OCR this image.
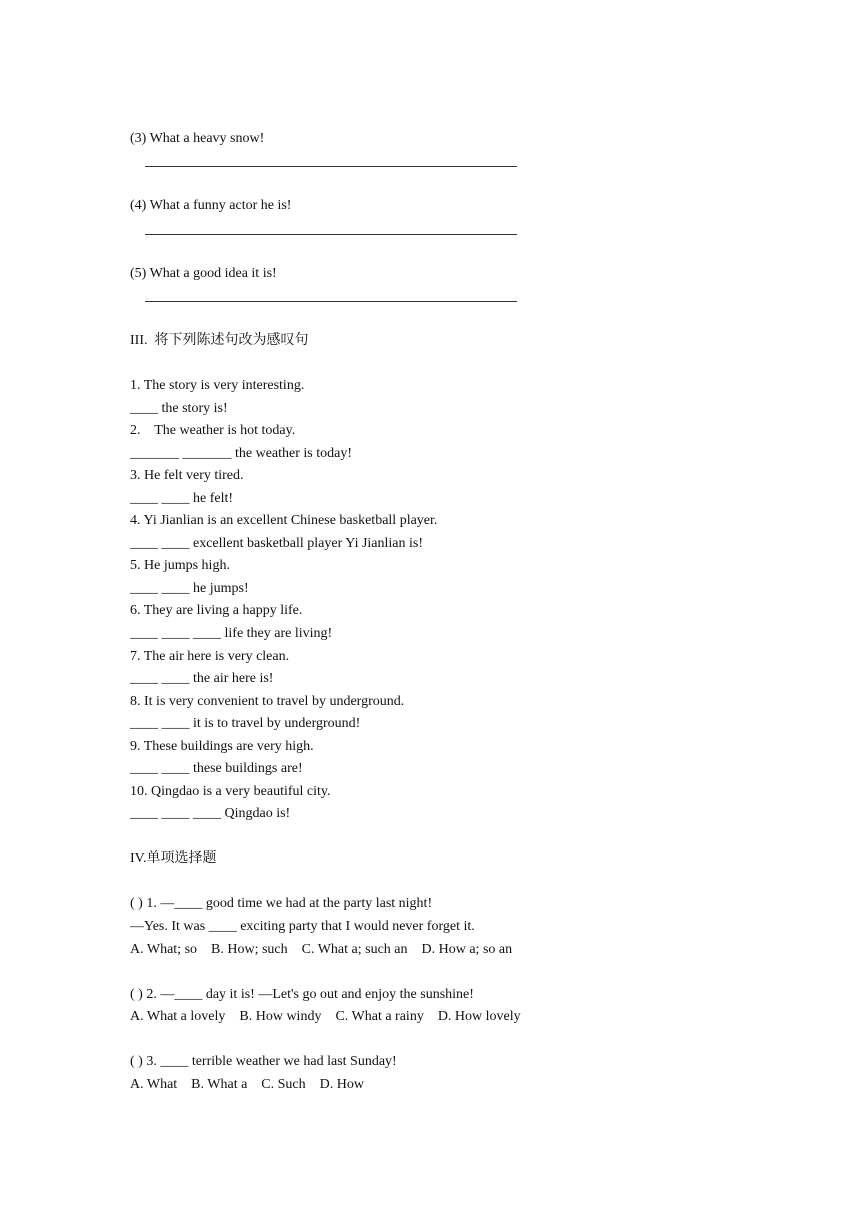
(3) What a heavy snow!
(4) What a funny actor he is!
(5) What a good idea it is!
III.  将下列陈述句改为感叹句
1. The story is very interesting.
____ the story is!
2.    The weather is hot today.
_______ _______ the weather is today!
3. He felt very tired.
____ ____ he felt!
4. Yi Jianlian is an excellent Chinese basketball player.
____ ____ excellent basketball player Yi Jianlian is!
5. He jumps high.
____ ____ he jumps!
6. They are living a happy life.
____ ____ ____ life they are living!
7. The air here is very clean.
____ ____ the air here is!
8. It is very convenient to travel by underground.
____ ____ it is to travel by underground!
9. These buildings are very high.
____ ____ these buildings are!
10. Qingdao is a very beautiful city.
____ ____ ____ Qingdao is!
IV.单项选择题
( ) 1. —____ good time we had at the party last night!
—Yes. It was ____ exciting party that I would never forget it.
A. What; so    B. How; such    C. What a; such an    D. How a; so an
( ) 2. —____ day it is! —Let's go out and enjoy the sunshine!
A. What a lovely    B. How windy    C. What a rainy    D. How lovely
( ) 3. ____ terrible weather we had last Sunday!
A. What    B. What a    C. Such    D. How
